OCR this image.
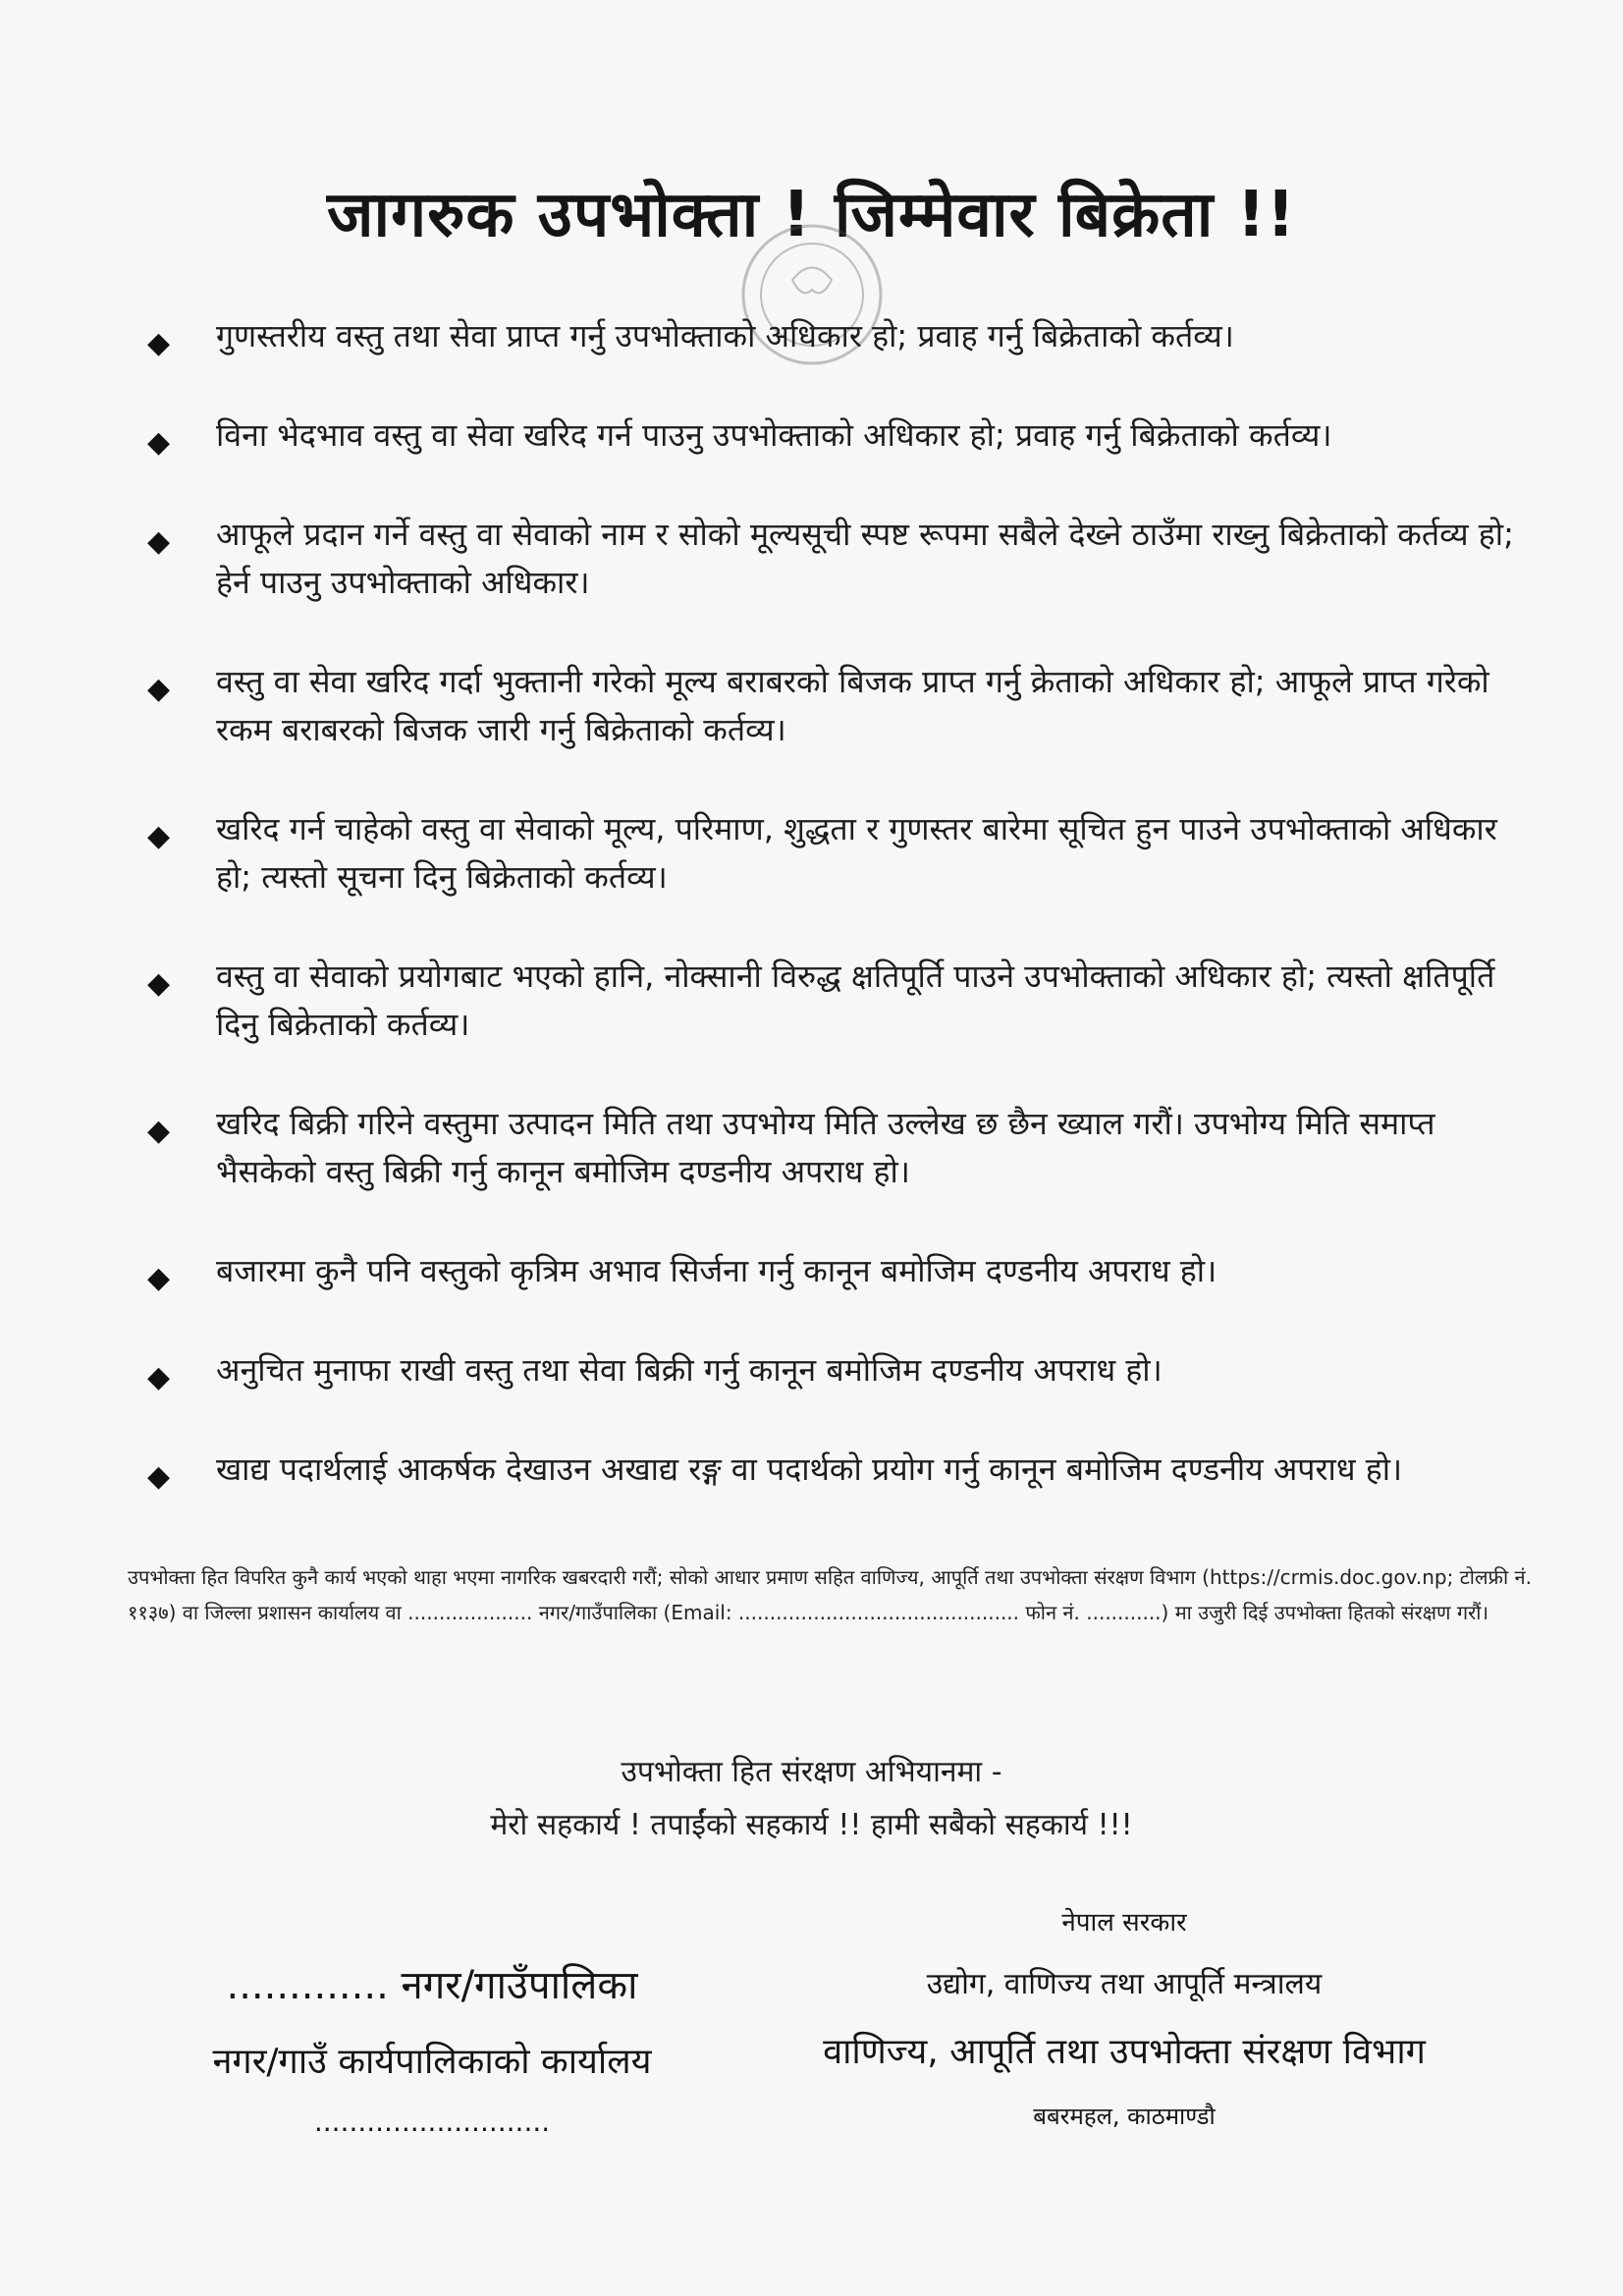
जागरुक उपभोक्ता ! जिम्मेवार बिक्रेता !!
◆ गुणस्तरीय वस्तु तथा सेवा प्राप्त गर्नु उपभोक्ताको अधिकार हो; प्रवाह गर्नु बिक्रेताको कर्तव्य।
◆ विना भेदभाव वस्तु वा सेवा खरिद गर्न पाउनु उपभोक्ताको अधिकार हो; प्रवाह गर्नु बिक्रेताको कर्तव्य।
◆ आफूले प्रदान गर्ने वस्तु वा सेवाको नाम र सोको मूल्यसूची स्पष्ट रूपमा सबैले देख्ने ठाउँमा राख्नु बिक्रेताको कर्तव्य हो; हेर्न पाउनु उपभोक्ताको अधिकार।
◆ वस्तु वा सेवा खरिद गर्दा भुक्तानी गरेको मूल्य बराबरको बिजक प्राप्त गर्नु क्रेताको अधिकार हो; आफूले प्राप्त गरेको रकम बराबरको बिजक जारी गर्नु बिक्रेताको कर्तव्य।
◆ खरिद गर्न चाहेको वस्तु वा सेवाको मूल्य, परिमाण, शुद्धता र गुणस्तर बारेमा सूचित हुन पाउने उपभोक्ताको अधिकार हो; त्यस्तो सूचना दिनु बिक्रेताको कर्तव्य।
◆ वस्तु वा सेवाको प्रयोगबाट भएको हानि, नोक्सानी विरुद्ध क्षतिपूर्ति पाउने उपभोक्ताको अधिकार हो; त्यस्तो क्षतिपूर्ति दिनु बिक्रेताको कर्तव्य।
◆ खरिद बिक्री गरिने वस्तुमा उत्पादन मिति तथा उपभोग्य मिति उल्लेख छ छैन ख्याल गरौं। उपभोग्य मिति समाप्त भैसकेको वस्तु बिक्री गर्नु कानून बमोजिम दण्डनीय अपराध हो।
◆ बजारमा कुनै पनि वस्तुको कृत्रिम अभाव सिर्जना गर्नु कानून बमोजिम दण्डनीय अपराध हो।
◆ अनुचित मुनाफा राखी वस्तु तथा सेवा बिक्री गर्नु कानून बमोजिम दण्डनीय अपराध हो।
◆ खाद्य पदार्थलाई आकर्षक देखाउन अखाद्य रङ्ग वा पदार्थको प्रयोग गर्नु कानून बमोजिम दण्डनीय अपराध हो।
उपभोक्ता हित विपरित कुनै कार्य भएको थाहा भएमा नागरिक खबरदारी गरौं; सोको आधार प्रमाण सहित वाणिज्य, आपूर्ति तथा उपभोक्ता संरक्षण विभाग (https://crmis.doc.gov.np; टोलफ्री नं. ११३७) वा जिल्ला प्रशासन कार्यालय वा .................... नगर/गाउँपालिका (Email: ............................................. फोन नं. ............) मा उजुरी दिई उपभोक्ता हितको संरक्षण गरौं।
उपभोक्ता हित संरक्षण अभियानमा -
मेरो सहकार्य ! तपाईंको सहकार्य !! हामी सबैको सहकार्य !!!
............. नगर/गाउँपालिका
नगर/गाउँ कार्यपालिकाको कार्यालय
...........................
नेपाल सरकार
उद्योग, वाणिज्य तथा आपूर्ति मन्त्रालय
वाणिज्य, आपूर्ति तथा उपभोक्ता संरक्षण विभाग
बबरमहल, काठमाण्डौ
